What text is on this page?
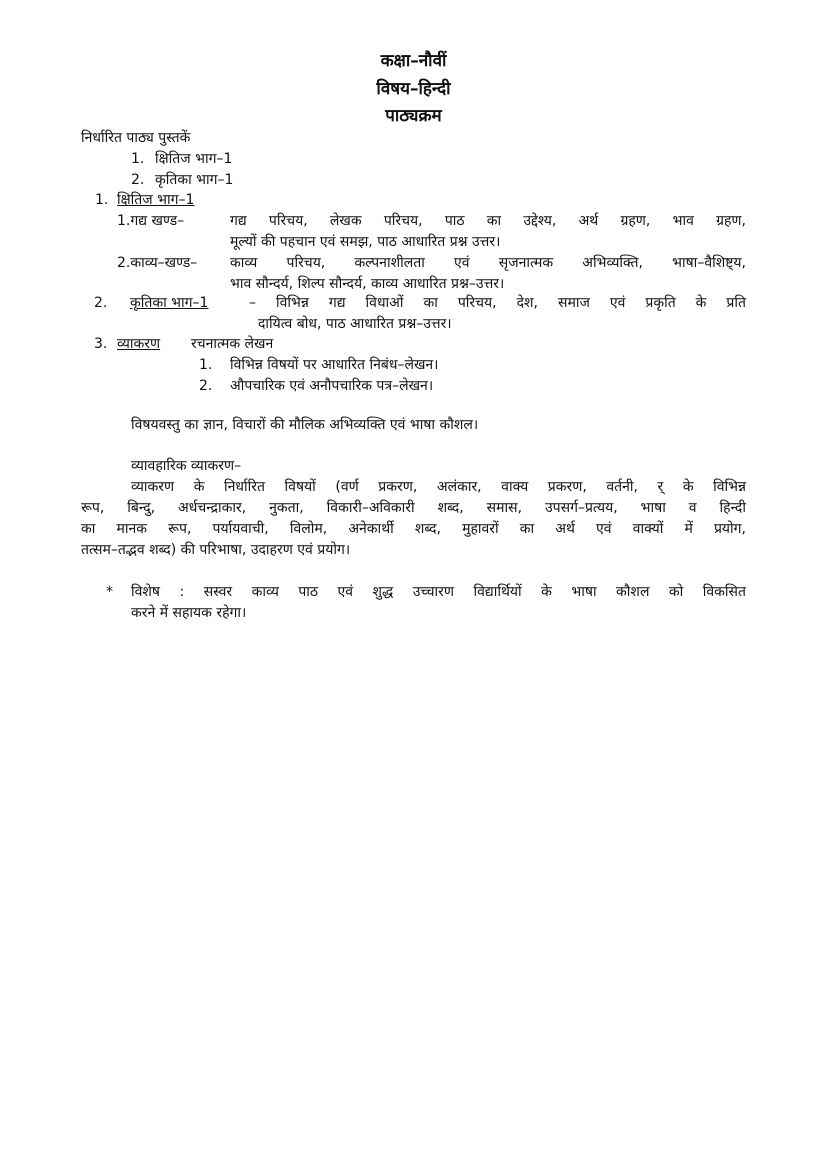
कक्षा–नौवीं
विषय–हिन्दी
पाठ्यक्रम
निर्धारित पाठ्य पुस्तकें
1. क्षितिज भाग–1
2. कृतिका भाग–1
1. क्षितिज भाग–1
1.गद्य खण्ड–	गद्य परिचय, लेखक परिचय, पाठ का उद्देश्य, अर्थ ग्रहण, भाव ग्रहण,
मूल्यों की पहचान एवं समझ, पाठ आधारित प्रश्न उत्तर।
2.काव्य–खण्ड– काव्य परिचय, कल्पनाशीलता एवं सृजनात्मक अभिव्यक्ति, भाषा–वैशिष्ट्य,
भाव सौन्दर्य, शिल्प सौन्दर्य, काव्य आधारित प्रश्न–उत्तर।
2. कृतिका भाग–1	– विभिन्न गद्य विधाओं का परिचय, देश, समाज एवं प्रकृति के प्रति
दायित्व बोध, पाठ आधारित प्रश्न–उत्तर।
3. व्याकरण रचनात्मक लेखन
1. विभिन्न विषयों पर आधारित निबंध–लेखन।
2. औपचारिक एवं अनौपचारिक पत्र–लेखन।
विषयवस्तु का ज्ञान, विचारों की मौलिक अभिव्यक्ति एवं भाषा कौशल।
व्यावहारिक व्याकरण–
व्याकरण के निर्धारित विषयों (वर्ण प्रकरण, अलंकार, वाक्य प्रकरण, वर्तनी, र् के विभिन्न
रूप, बिन्दु, अर्धचन्द्राकार, नुकता, विकारी–अविकारी शब्द, समास, उपसर्ग–प्रत्यय, भाषा व हिन्दी
का मानक रूप, पर्यायवाची, विलोम, अनेकार्थी शब्द, मुहावरों का अर्थ एवं वाक्यों में प्रयोग,
तत्सम–तद्भव शब्द) की परिभाषा, उदाहरण एवं प्रयोग।
* विशेष : सस्वर काव्य पाठ एवं शुद्ध उच्चारण विद्यार्थियों के भाषा कौशल को विकसित
करने में सहायक रहेगा।
